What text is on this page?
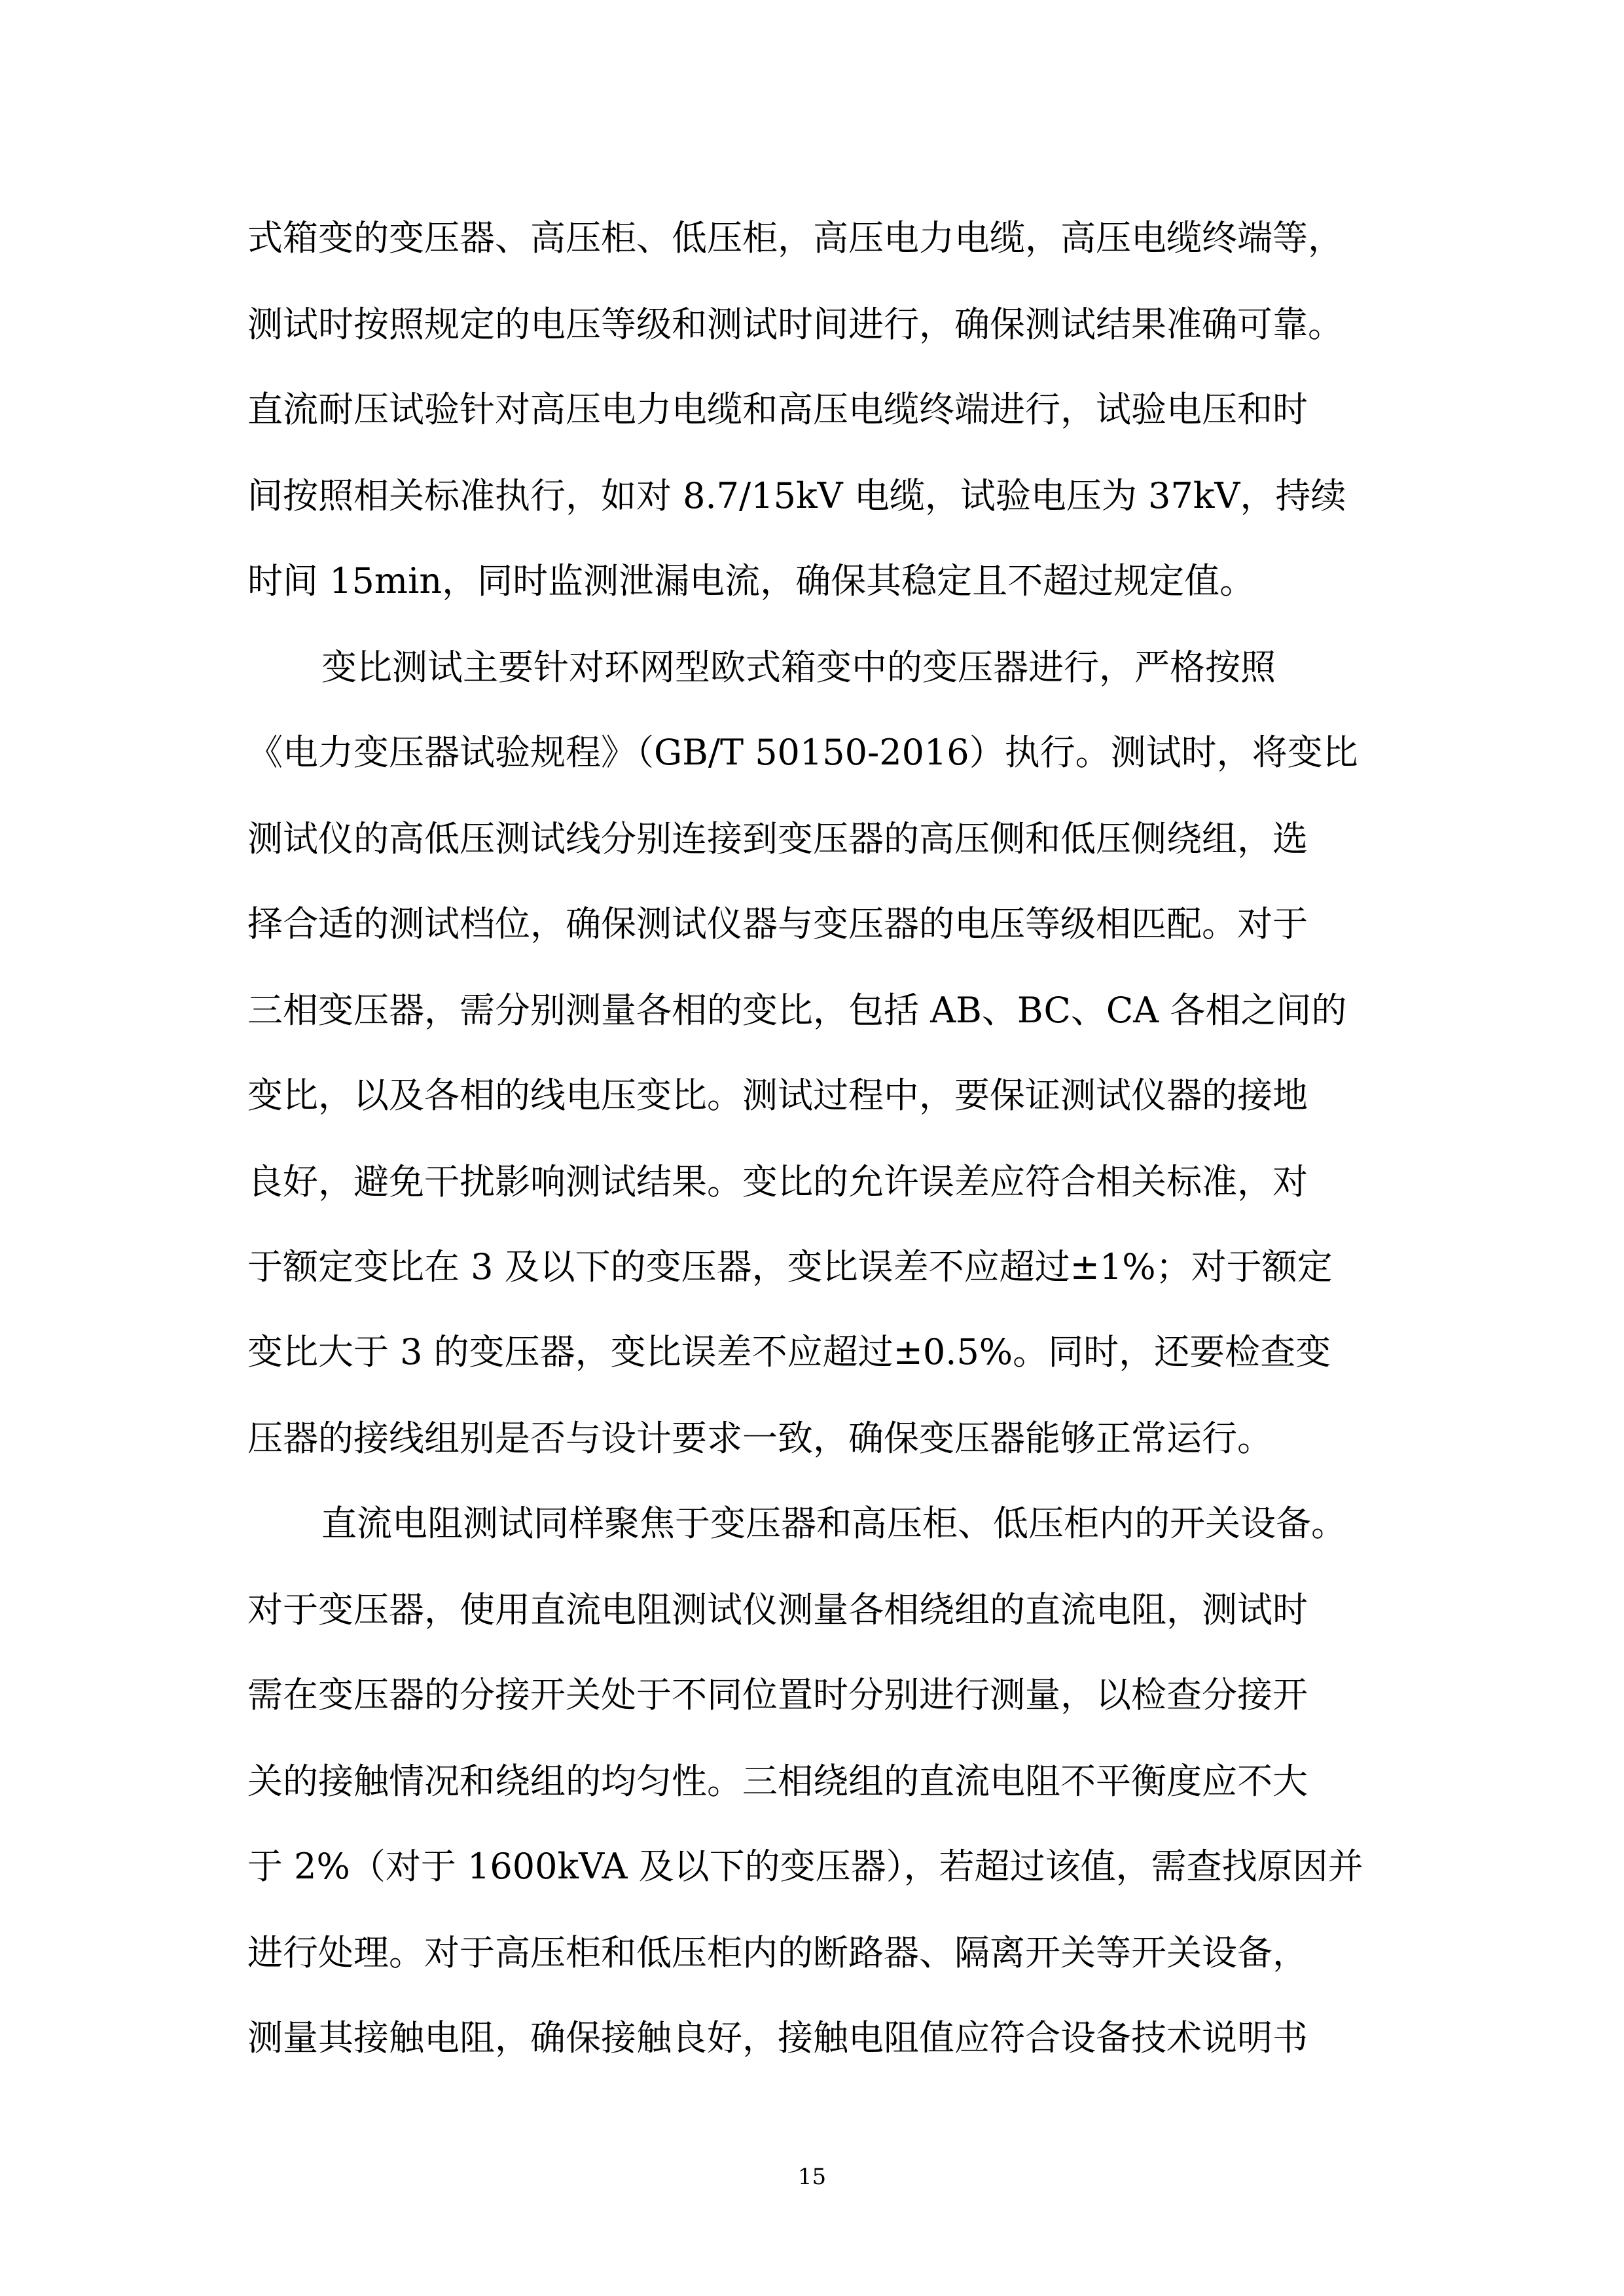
式箱变的变压器、高压柜、低压柜，高压电力电缆，高压电缆终端等，
测试时按照规定的电压等级和测试时间进行，确保测试结果准确可靠。
直流耐压试验针对高压电力电缆和高压电缆终端进行，试验电压和时
间按照相关标准执行，如对 8.7/15kV 电缆，试验电压为 37kV，持续
时间 15min，同时监测泄漏电流，确保其稳定且不超过规定值。
变比测试主要针对环网型欧式箱变中的变压器进行，严格按照
《电力变压器试验规程》（GB/T 50150-2016）执行。测试时，将变比
测试仪的高低压测试线分别连接到变压器的高压侧和低压侧绕组，选
择合适的测试档位，确保测试仪器与变压器的电压等级相匹配。对于
三相变压器，需分别测量各相的变比，包括 AB、BC、CA 各相之间的
变比，以及各相的线电压变比。测试过程中，要保证测试仪器的接地
良好，避免干扰影响测试结果。变比的允许误差应符合相关标准，对
于额定变比在 3 及以下的变压器，变比误差不应超过±1%；对于额定
变比大于 3 的变压器，变比误差不应超过±0.5%。同时，还要检查变
压器的接线组别是否与设计要求一致，确保变压器能够正常运行。
直流电阻测试同样聚焦于变压器和高压柜、低压柜内的开关设备。
对于变压器，使用直流电阻测试仪测量各相绕组的直流电阻，测试时
需在变压器的分接开关处于不同位置时分别进行测量，以检查分接开
关的接触情况和绕组的均匀性。三相绕组的直流电阻不平衡度应不大
于 2%（对于 1600kVA 及以下的变压器），若超过该值，需查找原因并
进行处理。对于高压柜和低压柜内的断路器、隔离开关等开关设备，
测量其接触电阻，确保接触良好，接触电阻值应符合设备技术说明书
15
